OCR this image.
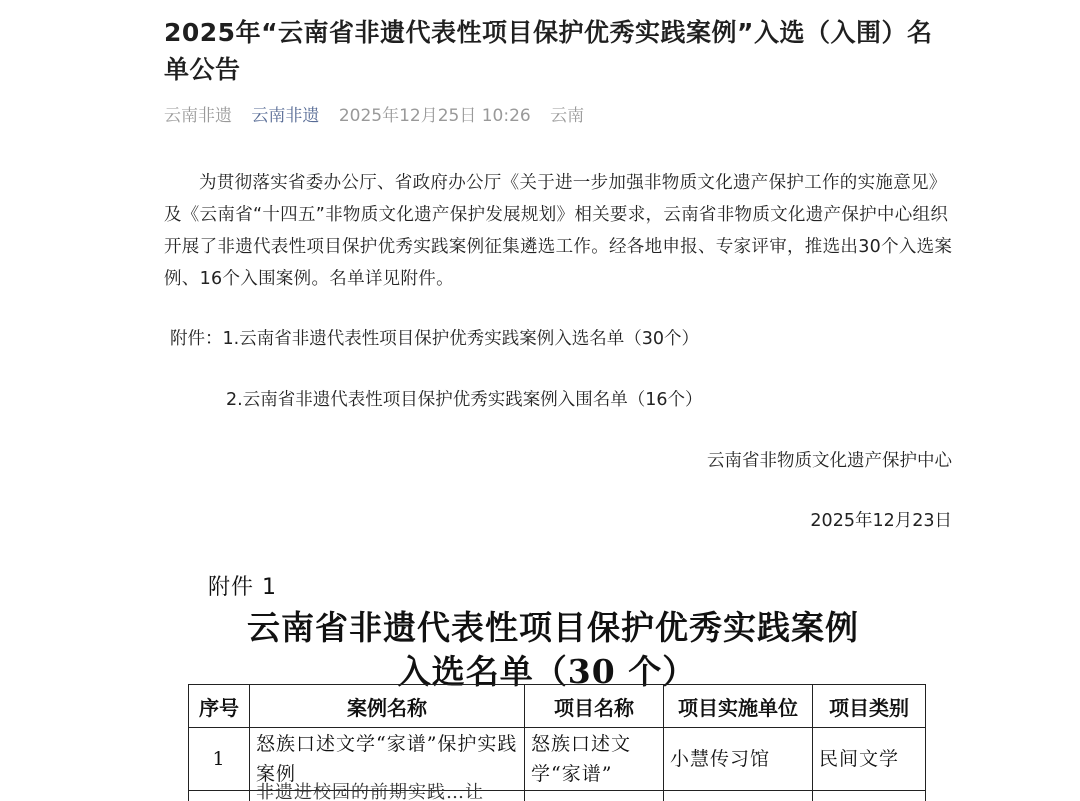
2025年“云南省非遗代表性项目保护优秀实践案例”入选（入围）名单公告
云南非遗 云南非遗 2025年12月25日 10:26 云南

为贯彻落实省委办公厅、省政府办公厅《关于进一步加强非物质文化遗产保护工作的实施意见》及《云南省“十四五”非物质文化遗产保护发展规划》相关要求，云南省非物质文化遗产保护中心组织开展了非遗代表性项目保护优秀实践案例征集遴选工作。经各地申报、专家评审，推选出30个入选案例、16个入围案例。名单详见附件。

附件：1.云南省非遗代表性项目保护优秀实践案例入选名单（30个）
2.云南省非遗代表性项目保护优秀实践案例入围名单（16个）
云南省非物质文化遗产保护中心
2025年12月23日
附件 1
云南省非遗代表性项目保护优秀实践案例
入选名单（30 个）
序号	案例名称	项目名称	项目实施单位	项目类别
1	怒族口述文学“家谱”保护实践案例	怒族口述文学“家谱”	小慧传习馆	民间文学
	非遗进校园的前期实践…让			
